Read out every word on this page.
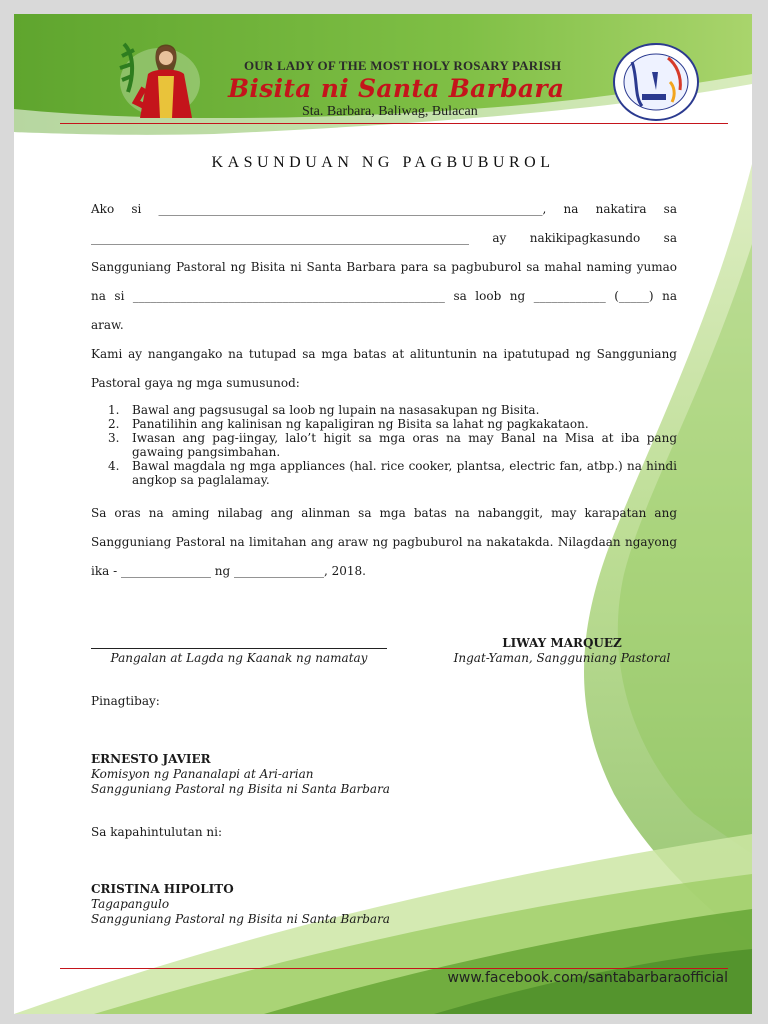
OUR LADY OF THE MOST HOLY ROSARY PARISH
Bisita ni Santa Barbara
Sta. Barbara, Baliwag, Bulacan
KASUNDUAN NG PAGBUBUROL
Ako si ________________________________________________________________, na nakatira sa
_______________________________________________________________ ay nakikipagkasundo sa
Sangguniang Pastoral ng Bisita ni Santa Barbara para sa pagbuburol sa mahal naming yumao
na si ____________________________________________________ sa loob ng ____________ (_____) na
araw.
Kami ay nangangako na tutupad sa mga batas at alituntunin na ipatutupad ng Sangguniang
Pastoral gaya ng mga sumusunod:
1. Bawal ang pagsusugal sa loob ng lupain na nasasakupan ng Bisita.
2. Panatilihin ang kalinisan ng kapaligiran ng Bisita sa lahat ng pagkakataon.
3. Iwasan ang pag-iingay, lalo’t higit sa mga oras na may Banal na Misa at iba pang gawaing pangsimbahan.
4. Bawal magdala ng mga appliances (hal. rice cooker, plantsa, electric fan, atbp.) na hindi angkop sa paglalamay.
Sa oras na aming nilabag ang alinman sa mga batas na nabanggit, may karapatan ang
Sangguniang Pastoral na limitahan ang araw ng pagbuburol na nakatakda. Nilagdaan ngayong
ika - _______________ ng _______________, 2018.
Pangalan at Lagda ng Kaanak ng namatay
LIWAY MARQUEZ
Ingat-Yaman, Sangguniang Pastoral
Pinagtibay:
ERNESTO JAVIER
Komisyon ng Pananalapi at Ari-arian
Sangguniang Pastoral ng Bisita ni Santa Barbara
Sa kapahintulutan ni:
CRISTINA HIPOLITO
Tagapangulo
Sangguniang Pastoral ng Bisita ni Santa Barbara
www.facebook.com/santabarbaraofficial
